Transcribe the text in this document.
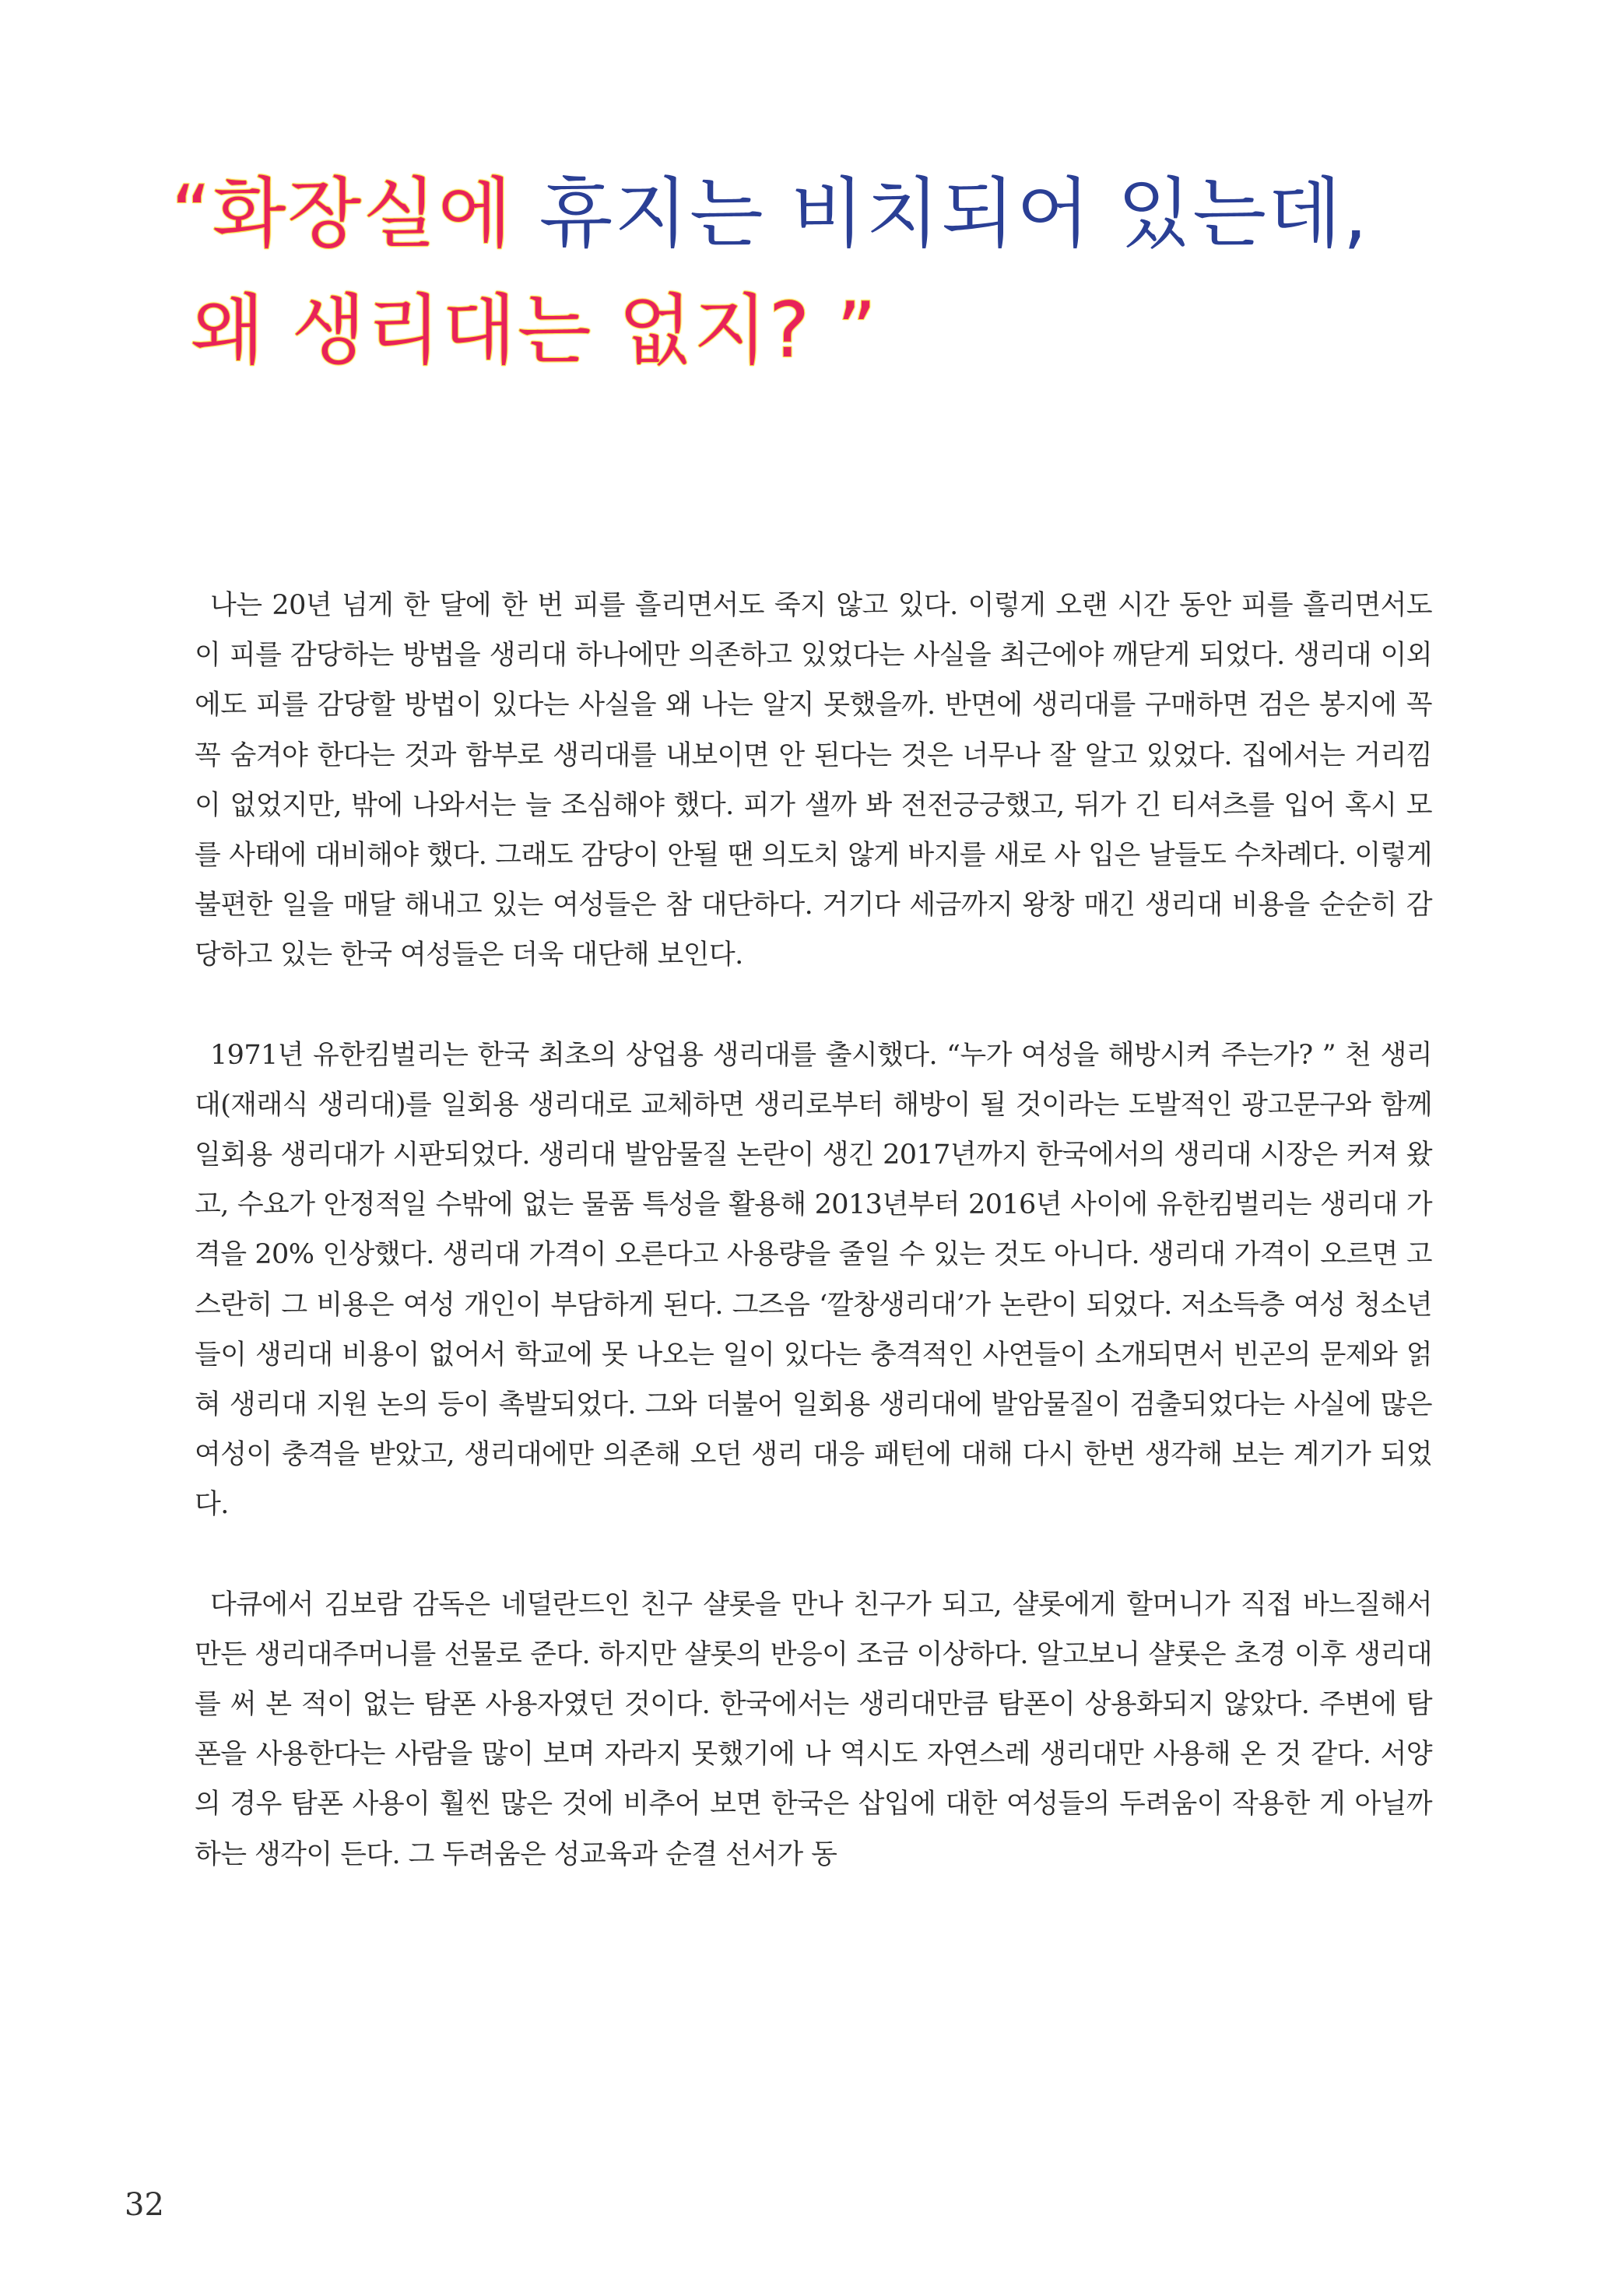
“화장실에 휴지는 비치되어 있는데,
왜 생리대는 없지? ”

나는 20년 넘게 한 달에 한 번 피를 흘리면서도 죽지 않고 있다. 이렇게 오랜 시간 동안 피를 흘리면서도 이 피를 감당하는 방법을 생리대 하나에만 의존하고 있었다는 사실을 최근에야 깨닫게 되었다. 생리대 이외에도 피를 감당할 방법이 있다는 사실을 왜 나는 알지 못했을까. 반면에 생리대를 구매하면 검은 봉지에 꼭꼭 숨겨야 한다는 것과 함부로 생리대를 내보이면 안 된다는 것은 너무나 잘 알고 있었다. 집에서는 거리낌이 없었지만, 밖에 나와서는 늘 조심해야 했다. 피가 샐까 봐 전전긍긍했고, 뒤가 긴 티셔츠를 입어 혹시 모를 사태에 대비해야 했다. 그래도 감당이 안될 땐 의도치 않게 바지를 새로 사 입은 날들도 수차례다. 이렇게 불편한 일을 매달 해내고 있는 여성들은 참 대단하다. 거기다 세금까지 왕창 매긴 생리대 비용을 순순히 감당하고 있는 한국 여성들은 더욱 대단해 보인다.

1971년 유한킴벌리는 한국 최초의 상업용 생리대를 출시했다. “누가 여성을 해방시켜 주는가? ” 천 생리대(재래식 생리대)를 일회용 생리대로 교체하면 생리로부터 해방이 될 것이라는 도발적인 광고문구와 함께 일회용 생리대가 시판되었다. 생리대 발암물질 논란이 생긴 2017년까지 한국에서의 생리대 시장은 커져 왔고, 수요가 안정적일 수밖에 없는 물품 특성을 활용해 2013년부터 2016년 사이에 유한킴벌리는 생리대 가격을 20% 인상했다. 생리대 가격이 오른다고 사용량을 줄일 수 있는 것도 아니다. 생리대 가격이 오르면 고스란히 그 비용은 여성 개인이 부담하게 된다. 그즈음 ‘깔창생리대’가 논란이 되었다. 저소득층 여성 청소년들이 생리대 비용이 없어서 학교에 못 나오는 일이 있다는 충격적인 사연들이 소개되면서 빈곤의 문제와 얽혀 생리대 지원 논의 등이 촉발되었다. 그와 더불어 일회용 생리대에 발암물질이 검출되었다는 사실에 많은 여성이 충격을 받았고, 생리대에만 의존해 오던 생리 대응 패턴에 대해 다시 한번 생각해 보는 계기가 되었다.

다큐에서 김보람 감독은 네덜란드인 친구 샬롯을 만나 친구가 되고, 샬롯에게 할머니가 직접 바느질해서 만든 생리대주머니를 선물로 준다. 하지만 샬롯의 반응이 조금 이상하다. 알고보니 샬롯은 초경 이후 생리대를 써 본 적이 없는 탐폰 사용자였던 것이다. 한국에서는 생리대만큼 탐폰이 상용화되지 않았다. 주변에 탐폰을 사용한다는 사람을 많이 보며 자라지 못했기에 나 역시도 자연스레 생리대만 사용해 온 것 같다. 서양의 경우 탐폰 사용이 훨씬 많은 것에 비추어 보면 한국은 삽입에 대한 여성들의 두려움이 작용한 게 아닐까 하는 생각이 든다. 그 두려움은 성교육과 순결 선서가 동

32
